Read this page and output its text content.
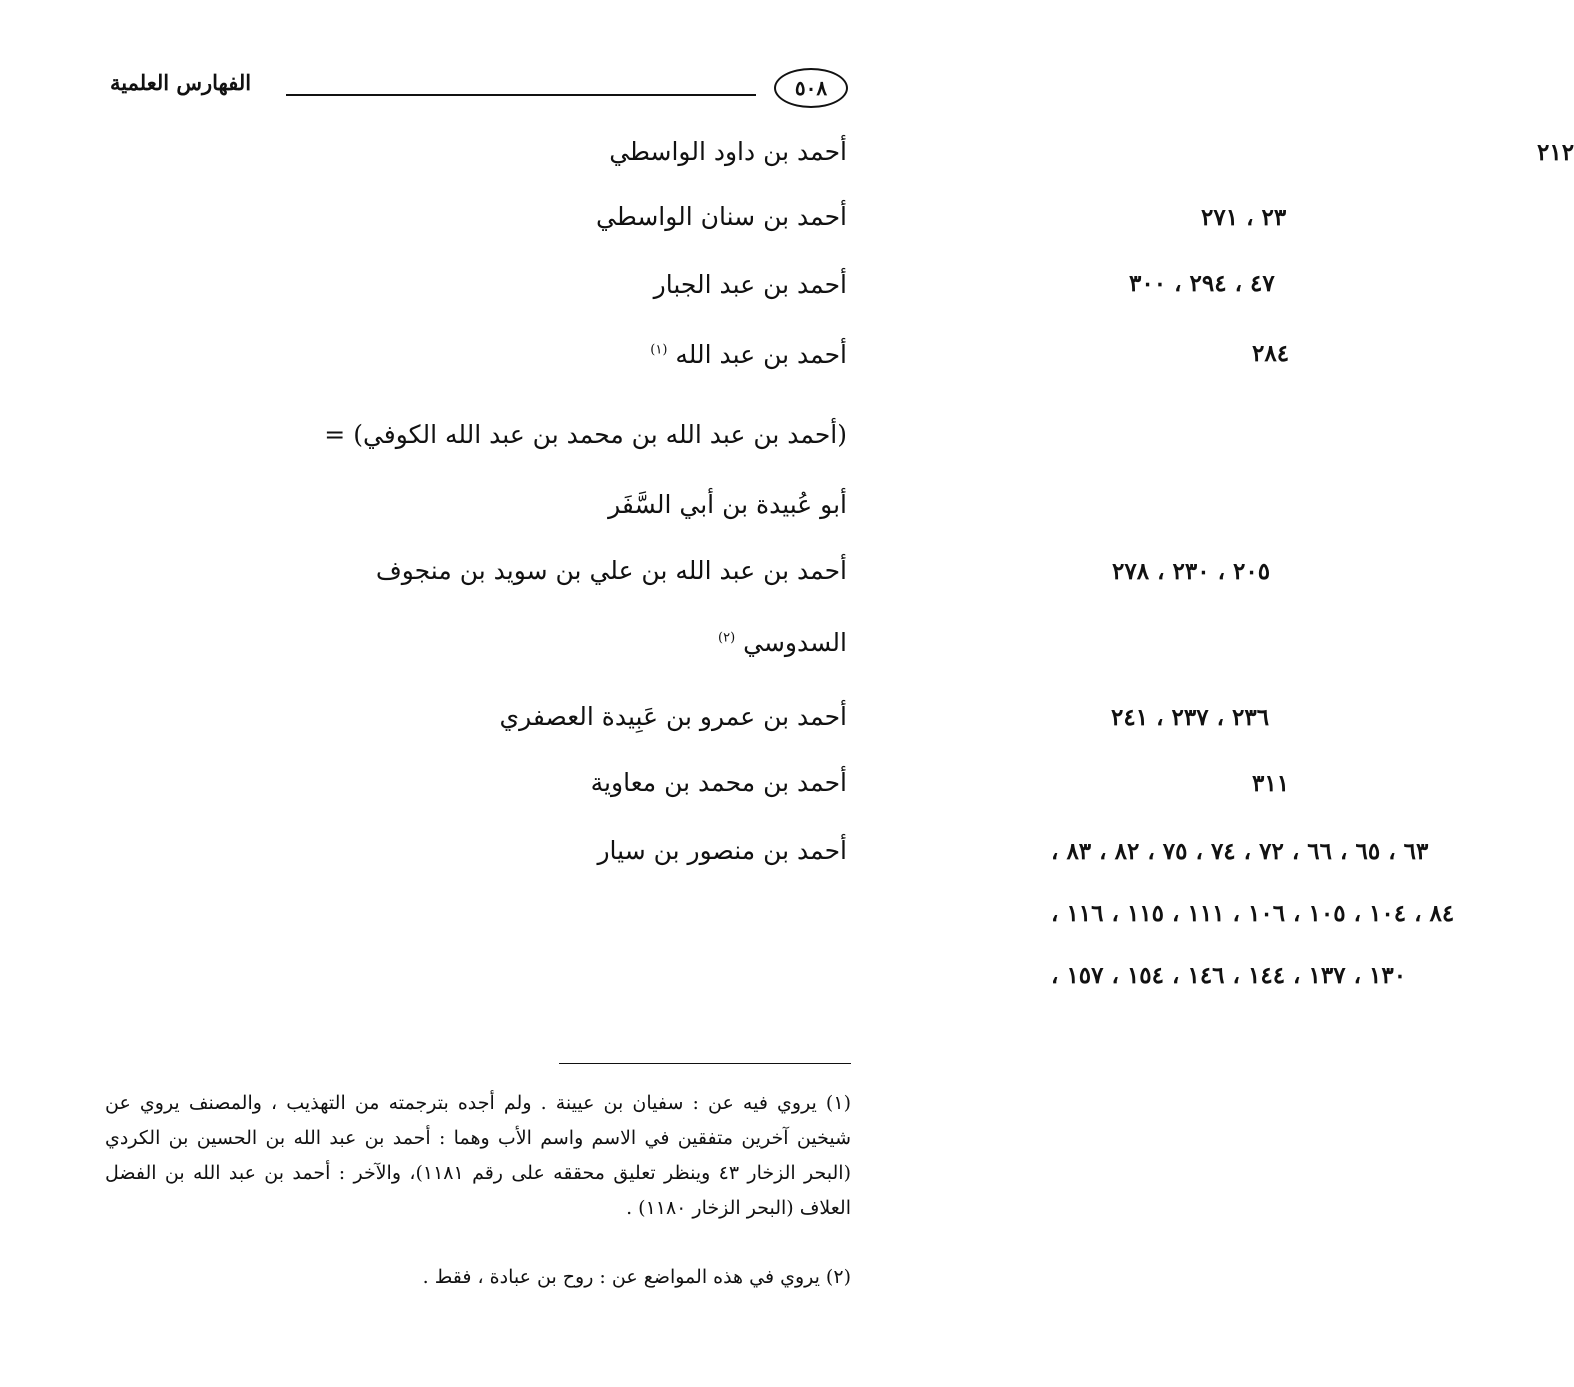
٥٠٨
الفهارس العلمية
أحمد بن داود الواسطي	٢١٢
أحمد بن سنان الواسطي	٢٣ ، ٢٧١
أحمد بن عبد الجبار	٤٧ ، ٢٩٤ ، ٣٠٠
أحمد بن عبد الله $^{(١)}$	٢٨٤
(أحمد بن عبد الله بن محمد بن عبد الله الكوفي) =
أبو عُبيدة بن أبي السَّفَر
أحمد بن عبد الله بن علي بن سويد بن منجوف	٢٠٥ ، ٢٣٠ ، ٢٧٨
السدوسي $^{(٢)}$
أحمد بن عمرو بن عَبِيدة العصفري	٢٣٦ ، ٢٣٧ ، ٢٤١
أحمد بن محمد بن معاوية	٣١١
أحمد بن منصور بن سيار	٦٣ ، ٦٥ ، ٦٦ ، ٧٢ ، ٧٤ ، ٧٥ ، ٨٢ ، ٨٣ ،
٨٤ ، ١٠٤ ، ١٠٥ ، ١٠٦ ، ١١١ ، ١١٥ ، ١١٦ ،
١٣٠ ، ١٣٧ ، ١٤٤ ، ١٤٦ ، ١٥٤ ، ١٥٧ ،
(١) يروي فيه عن : سفيان بن عيينة . ولم أجده بترجمته من التهذيب ، والمصنف يروي عن شيخين آخرين متفقين في الاسم واسم الأب وهما : أحمد بن عبد الله بن الحسين بن الكردي (البحر الزخار ٤٣ وينظر تعليق محققه على رقم ١١٨١)، والآخر : أحمد بن عبد الله بن الفضل العلاف (البحر الزخار ١١٨٠) .
(٢) يروي في هذه المواضع عن : روح بن عبادة ، فقط .
